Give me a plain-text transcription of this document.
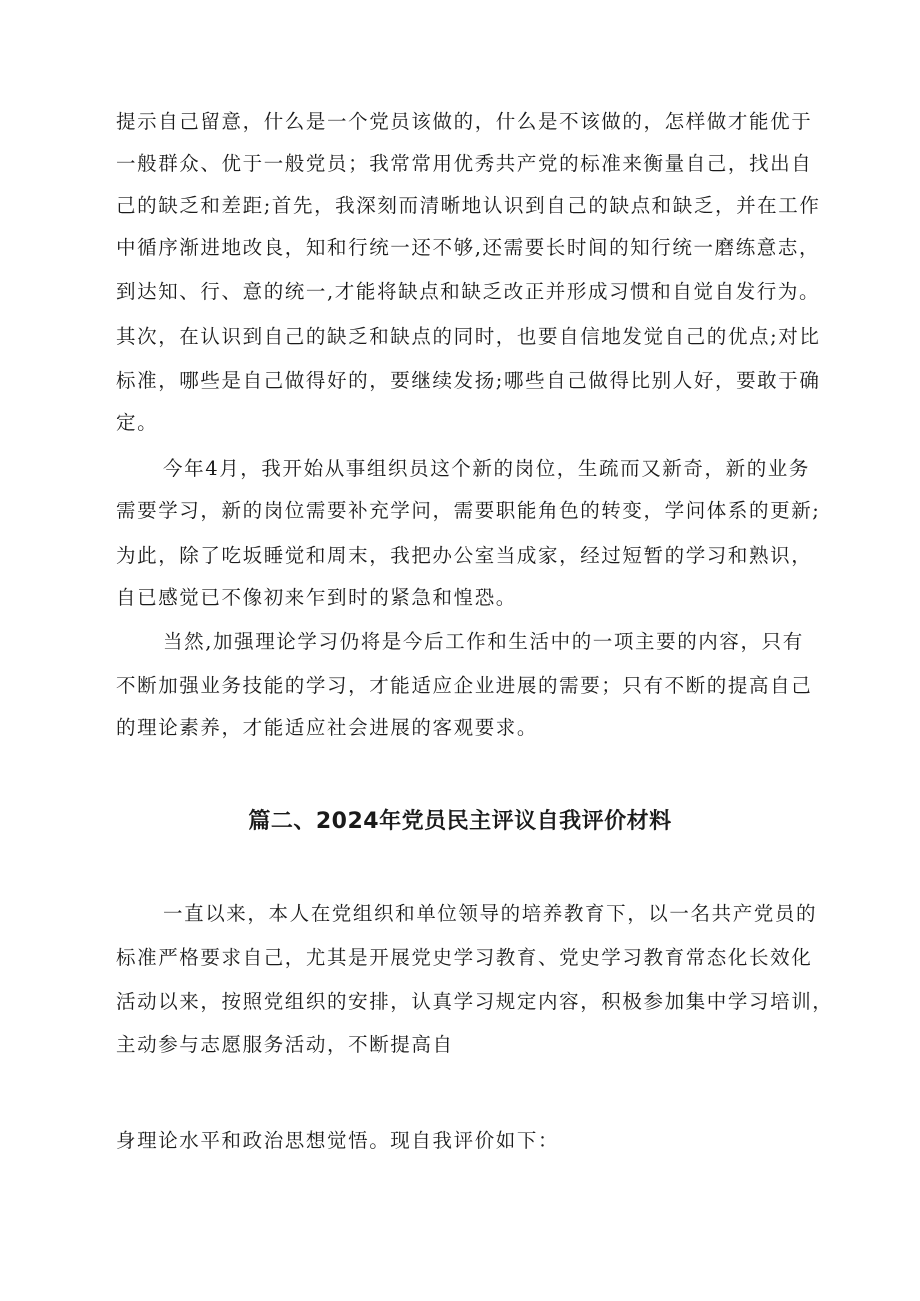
提示自己留意，什么是一个党员该做的，什么是不该做的，怎样做才能优于
一般群众、优于一般党员；我常常用优秀共产党的标准来衡量自己，找出自
己的缺乏和差距;首先，我深刻而清晰地认识到自己的缺点和缺乏，并在工作
中循序渐进地改良，知和行统一还不够,还需要长时间的知行统一磨练意志，
到达知、行、意的统一,才能将缺点和缺乏改正并形成习惯和自觉自发行为。
其次，在认识到自己的缺乏和缺点的同时，也要自信地发觉自己的优点;对比
标准，哪些是自己做得好的，要继续发扬;哪些自己做得比别人好，要敢于确
定。
今年4月，我开始从事组织员这个新的岗位，生疏而又新奇，新的业务
需要学习，新的岗位需要补充学问，需要职能角色的转变，学问体系的更新;
为此，除了吃坂睡觉和周末，我把办公室当成家，经过短暂的学习和熟识，
自已感觉已不像初来乍到时的紧急和惶恐。
当然,加强理论学习仍将是今后工作和生活中的一项主要的内容，只有
不断加强业务技能的学习，才能适应企业进展的需要；只有不断的提高自己
的理论素养，才能适应社会进展的客观要求。
篇二、2024年党员民主评议自我评价材料
一直以来，本人在党组织和单位领导的培养教育下，以一名共产党员的
标准严格要求自己，尤其是开展党史学习教育、党史学习教育常态化长效化
活动以来，按照党组织的安排，认真学习规定内容，积极参加集中学习培训，
主动参与志愿服务活动，不断提高自
身理论水平和政治思想觉悟。现自我评价如下：
